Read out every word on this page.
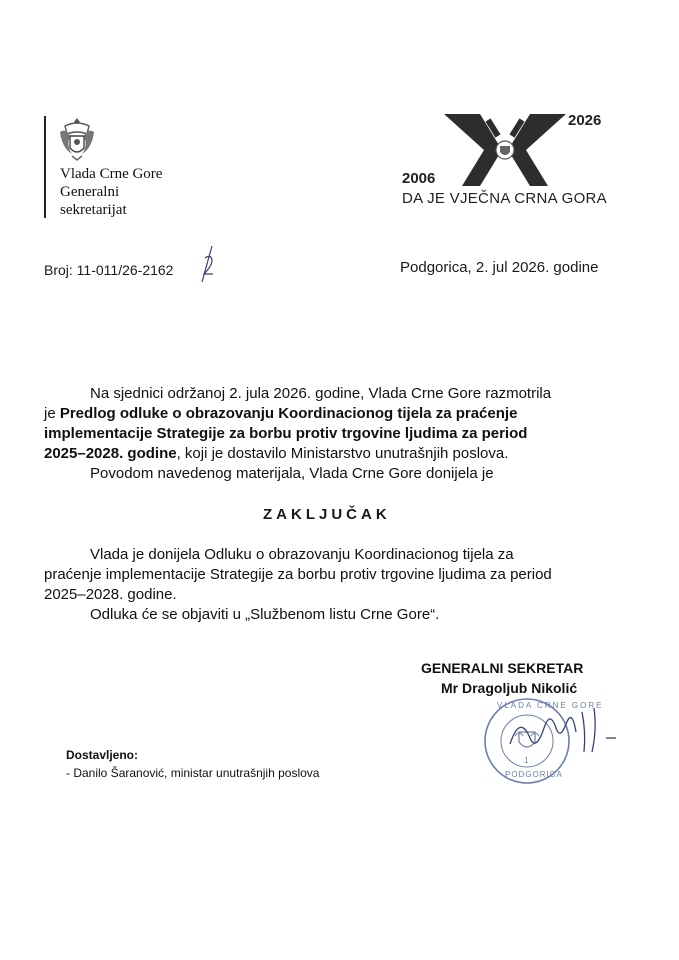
Vlada Crne Gore
Generalni
sekretarijat
2026
2006
DA JE VJEČNA CRNA GORA
Broj: 11-011/26-2162	Podgorica, 2. jul 2026. godine
Na sjednici održanoj 2. jula 2026. godine, Vlada Crne Gore razmotrila
je Predlog odluke o obrazovanju Koordinacionog tijela za praćenje
implementacije Strategije za borbu protiv trgovine ljudima za period
2025–2028. godine, koji je dostavilo Ministarstvo unutrašnjih poslova.
Povodom navedenog materijala, Vlada Crne Gore donijela je
ZAKLJUČAK
Vlada je donijela Odluku o obrazovanju Koordinacionog tijela za
praćenje implementacije Strategije za borbu protiv trgovine ljudima za period
2025–2028. godine.
Odluka će se objaviti u „Službenom listu Crne Gore“.
GENERALNI SEKRETAR
Mr Dragoljub Nikolić
VLADA CRNE GORE
1
PODGORICA
Dostavljeno:
- Danilo Šaranović, ministar unutrašnjih poslova
